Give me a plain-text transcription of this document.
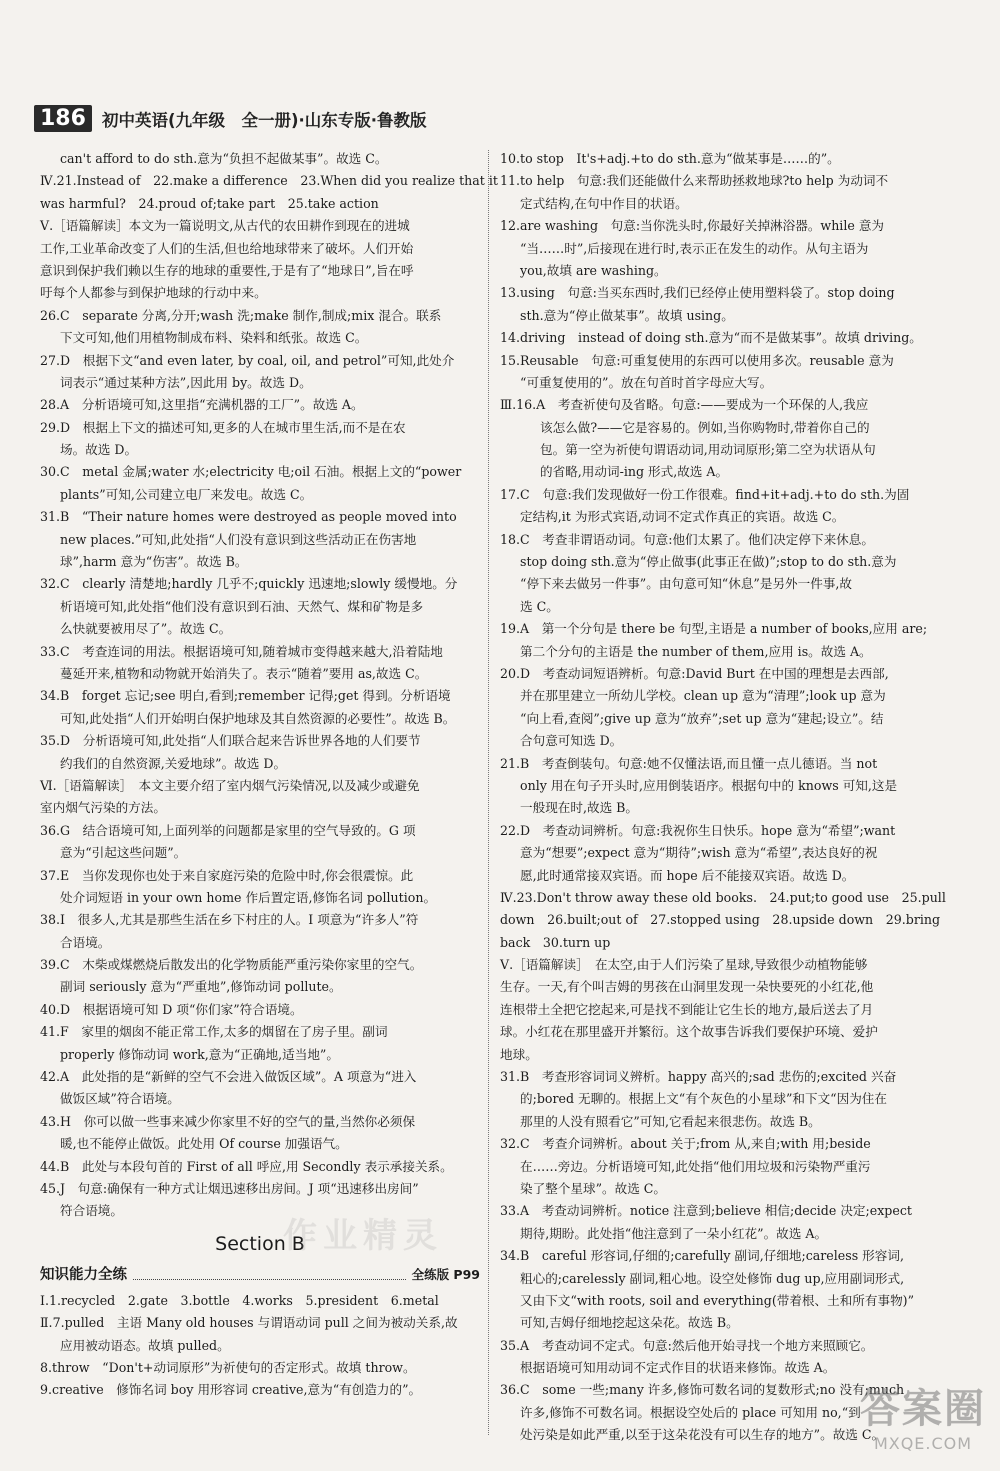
186 初中英语(九年级　全一册)·山东专版·鲁教版
can't afford to do sth.意为“负担不起做某事”。故选 C。
Ⅳ.21.Instead of　22.make a difference　23.When did you realize that it
was harmful?　24.proud of;take part　25.take action
Ⅴ.［语篇解读］本文为一篇说明文,从古代的农田耕作到现在的进城
工作,工业革命改变了人们的生活,但也给地球带来了破坏。人们开始
意识到保护我们赖以生存的地球的重要性,于是有了“地球日”,旨在呼
吁每个人都参与到保护地球的行动中来。
26.C　separate 分离,分开;wash 洗;make 制作,制成;mix 混合。联系
下文可知,他们用植物制成布料、染料和纸张。故选 C。
27.D　根据下文“and even later, by coal, oil, and petrol”可知,此处介
词表示“通过某种方法”,因此用 by。故选 D。
28.A　分析语境可知,这里指“充满机器的工厂”。故选 A。
29.D　根据上下文的描述可知,更多的人在城市里生活,而不是在农
场。故选 D。
30.C　metal 金属;water 水;electricity 电;oil 石油。根据上文的“power
plants”可知,公司建立电厂来发电。故选 C。
31.B　“Their nature homes were destroyed as people moved into
new places.”可知,此处指“人们没有意识到这些活动正在伤害地
球”,harm 意为“伤害”。故选 B。
32.C　clearly 清楚地;hardly 几乎不;quickly 迅速地;slowly 缓慢地。分
析语境可知,此处指“他们没有意识到石油、天然气、煤和矿物是多
么快就要被用尽了”。故选 C。
33.C　考查连词的用法。根据语境可知,随着城市变得越来越大,沿着陆地
蔓延开来,植物和动物就开始消失了。表示“随着”要用 as,故选 C。
34.B　forget 忘记;see 明白,看到;remember 记得;get 得到。分析语境
可知,此处指“人们开始明白保护地球及其自然资源的必要性”。故选 B。
35.D　分析语境可知,此处指“人们联合起来告诉世界各地的人们要节
约我们的自然资源,关爱地球”。故选 D。
Ⅵ.［语篇解读］　本文主要介绍了室内烟气污染情况,以及减少或避免
室内烟气污染的方法。
36.G　结合语境可知,上面列举的问题都是家里的空气导致的。G 项
意为“引起这些问题”。
37.E　当你发现你也处于来自家庭污染的危险中时,你会很震惊。此
处介词短语 in your own home 作后置定语,修饰名词 pollution。
38.I　很多人,尤其是那些生活在乡下村庄的人。I 项意为“许多人”符
合语境。
39.C　木柴或煤燃烧后散发出的化学物质能严重污染你家里的空气。
副词 seriously 意为“严重地”,修饰动词 pollute。
40.D　根据语境可知 D 项“你们家”符合语境。
41.F　家里的烟囱不能正常工作,太多的烟留在了房子里。副词
properly 修饰动词 work,意为“正确地,适当地”。
42.A　此处指的是“新鲜的空气不会进入做饭区域”。A 项意为“进入
做饭区域”符合语境。
43.H　你可以做一些事来减少你家里不好的空气的量,当然你必须保
暖,也不能停止做饭。此处用 Of course 加强语气。
44.B　此处与本段句首的 First of all 呼应,用 Secondly 表示承接关系。
45.J　句意:确保有一种方式让烟迅速移出房间。J 项“迅速移出房间”
符合语境。
Section B
知识能力全练	全练版 P99
Ⅰ.1.recycled　2.gate　3.bottle　4.works　5.president　6.metal
Ⅱ.7.pulled　主语 Many old houses 与谓语动词 pull 之间为被动关系,故
应用被动语态。故填 pulled。
8.throw　“Don't+动词原形”为祈使句的否定形式。故填 throw。
9.creative　修饰名词 boy 用形容词 creative,意为“有创造力的”。
10.to stop　It's+adj.+to do sth.意为“做某事是……的”。
11.to help　句意:我们还能做什么来帮助拯救地球?to help 为动词不
定式结构,在句中作目的状语。
12.are washing　句意:当你洗头时,你最好关掉淋浴器。while 意为
“当……时”,后接现在进行时,表示正在发生的动作。从句主语为
you,故填 are washing。
13.using　句意:当买东西时,我们已经停止使用塑料袋了。stop doing
sth.意为“停止做某事”。故填 using。
14.driving　instead of doing sth.意为“而不是做某事”。故填 driving。
15.Reusable　句意:可重复使用的东西可以使用多次。reusable 意为
“可重复使用的”。放在句首时首字母应大写。
Ⅲ.16.A　考查祈使句及省略。句意:——要成为一个环保的人,我应
该怎么做?——它是容易的。例如,当你购物时,带着你自己的
包。第一空为祈使句谓语动词,用动词原形;第二空为状语从句
的省略,用动词-ing 形式,故选 A。
17.C　句意:我们发现做好一份工作很难。find+it+adj.+to do sth.为固
定结构,it 为形式宾语,动词不定式作真正的宾语。故选 C。
18.C　考查非谓语动词。句意:他们太累了。他们决定停下来休息。
stop doing sth.意为“停止做事(此事正在做)”;stop to do sth.意为
“停下来去做另一件事”。由句意可知“休息”是另外一件事,故
选 C。
19.A　第一个分句是 there be 句型,主语是 a number of books,应用 are;
第二个分句的主语是 the number of them,应用 is。故选 A。
20.D　考查动词短语辨析。句意:David Burt 在中国的理想是去西部,
并在那里建立一所幼儿学校。clean up 意为“清理”;look up 意为
“向上看,查阅”;give up 意为“放弃”;set up 意为“建起;设立”。结
合句意可知选 D。
21.B　考查倒装句。句意:她不仅懂法语,而且懂一点儿德语。当 not
only 用在句子开头时,应用倒装语序。根据句中的 knows 可知,这是
一般现在时,故选 B。
22.D　考查动词辨析。句意:我祝你生日快乐。hope 意为“希望”;want
意为“想要”;expect 意为“期待”;wish 意为“希望”,表达良好的祝
愿,此时通常接双宾语。而 hope 后不能接双宾语。故选 D。
Ⅳ.23.Don't throw away these old books.　24.put;to good use　25.pull
down　26.built;out of　27.stopped using　28.upside down　29.bring
back　30.turn up
Ⅴ.［语篇解读］　在太空,由于人们污染了星球,导致很少动植物能够
生存。一天,有个叫吉姆的男孩在山洞里发现一朵快要死的小红花,他
连根带土全把它挖起来,可是找不到能让它生长的地方,最后送去了月
球。小红花在那里盛开并繁衍。这个故事告诉我们要保护环境、爱护
地球。
31.B　考查形容词词义辨析。happy 高兴的;sad 悲伤的;excited 兴奋
的;bored 无聊的。根据上文“有个灰色的小星球”和下文“因为住在
那里的人没有照看它”可知,它看起来很悲伤。故选 B。
32.C　考查介词辨析。about 关于;from 从,来自;with 用;beside
在……旁边。分析语境可知,此处指“他们用垃圾和污染物严重污
染了整个星球”。故选 C。
33.A　考查动词辨析。notice 注意到;believe 相信;decide 决定;expect
期待,期盼。此处指“他注意到了一朵小红花”。故选 A。
34.B　careful 形容词,仔细的;carefully 副词,仔细地;careless 形容词,
粗心的;carelessly 副词,粗心地。设空处修饰 dug up,应用副词形式,
又由下文“with roots, soil and everything(带着根、土和所有事物)”
可知,吉姆仔细地挖起这朵花。故选 B。
35.A　考查动词不定式。句意:然后他开始寻找一个地方来照顾它。
根据语境可知用动词不定式作目的状语来修饰。故选 A。
36.C　some 一些;many 许多,修饰可数名词的复数形式;no 没有;much
许多,修饰不可数名词。根据设空处后的 place 可知用 no,“到
处污染是如此严重,以至于这朵花没有可以生存的地方”。故选 C。
作业精灵
答案圈
MXQE.COM
